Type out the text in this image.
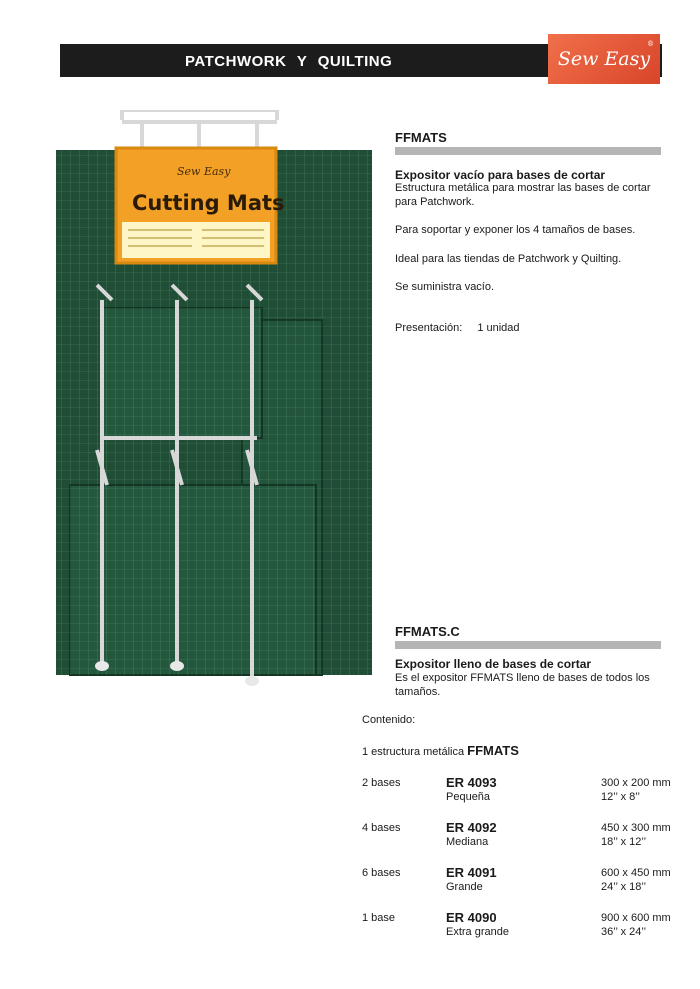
PATCHWORK Y QUILTING	Sew Easy
®
Sew Easy
Cutting Mats
FFMATS

Expositor vacío para bases de cortar

Estructura metálica para mostrar las bases de cortar para Patchwork.

Para soportar y exponer los 4 tamaños de bases.

Ideal para las tiendas de Patchwork y Quilting.

Se suministra vacío.

Presentación: 1 unidad

FFMATS.C

Expositor lleno de bases de cortar

Es el expositor FFMATS lleno de bases de todos los tamaños.

Contenido:
1 estructura metálica FFMATS
2 bases	ER 4093
Pequeña
300 x 200 mm
12’’ x 8’’
4 bases	ER 4092
Mediana
450 x 300 mm
18’’ x 12’’
6 bases	ER 4091
Grande
600 x 450 mm
24’’ x 18’’
1 base	ER 4090
Extra grande
900 x 600 mm
36’’ x 24’’
